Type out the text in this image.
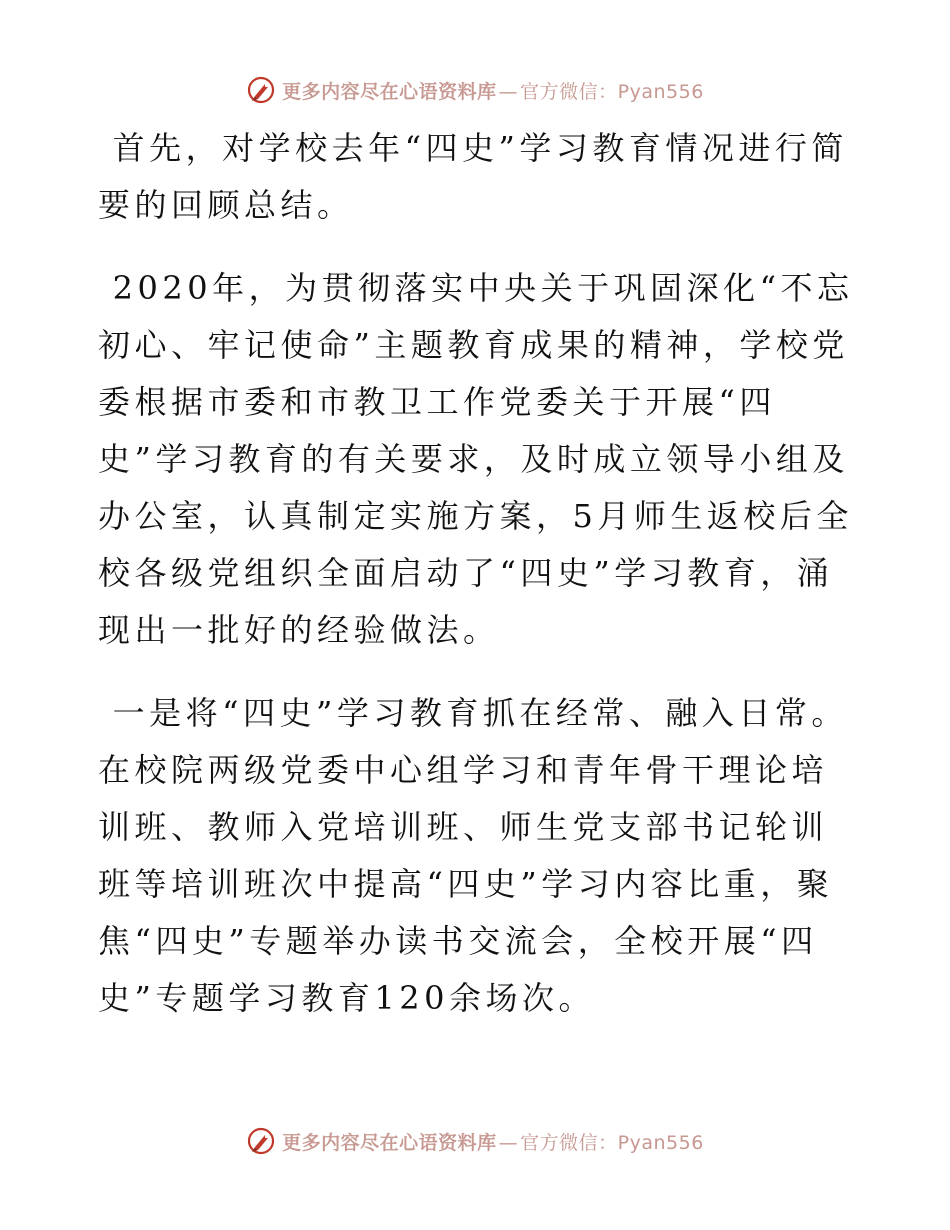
更多内容尽在心语资料库 — 官方微信：Pyan556

首先，对学校去年“四史”学习教育情况进行简要的回顾总结。

2020年，为贯彻落实中央关于巩固深化“不忘初心、牢记使命”主题教育成果的精神，学校党委根据市委和市教卫工作党委关于开展“四史”学习教育的有关要求，及时成立领导小组及办公室，认真制定实施方案，5月师生返校后全校各级党组织全面启动了“四史”学习教育，涌现出一批好的经验做法。

一是将“四史”学习教育抓在经常、融入日常。在校院两级党委中心组学习和青年骨干理论培训班、教师入党培训班、师生党支部书记轮训班等培训班次中提高“四史”学习内容比重，聚焦“四史”专题举办读书交流会，全校开展“四史”专题学习教育120余场次。

更多内容尽在心语资料库 — 官方微信：Pyan556
